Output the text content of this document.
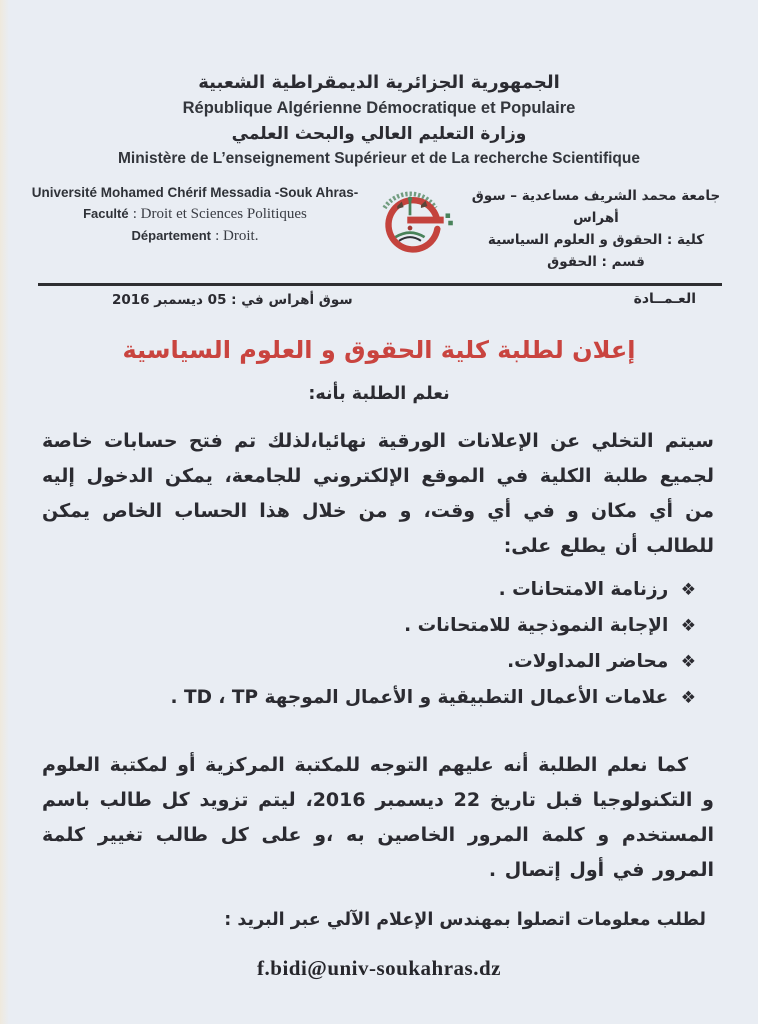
الجمهورية الجزائرية الديمقراطية الشعبية
République Algérienne Démocratique et Populaire
وزارة التعليم العالي والبحث العلمي
Ministère de L’enseignement Supérieur et de La recherche Scientifique
Université Mohamed Chérif Messadia -Souk Ahras-
Faculté : Droit et Sciences Politiques
Département : Droit.
جامعة محمد الشريف مساعدية – سوق أهراس
كلية : الحقوق و العلوم السياسية
قسم : الحقوق
العـمــادة
سوق أهراس في : 05 ديسمبر 2016
إعلان لطلبة كلية الحقوق و العلوم السياسية
نعلم الطلبة بأنه:
سيتم التخلي عن الإعلانات الورقية نهائيا،لذلك تم فتح حسابات خاصة لجميع طلبة الكلية في الموقع الإلكتروني للجامعة، يمكن الدخول إليه من أي مكان و في أي وقت، و من خلال هذا الحساب الخاص يمكن للطالب أن يطلع على:
❖ رزنامة الامتحانات .
❖ الإجابة النموذجية للامتحانات .
❖ محاضر المداولات.
❖ علامات الأعمال التطبيقية و الأعمال الموجهة TD ، TP .
كما نعلم الطلبة أنه عليهم التوجه للمكتبة المركزية أو لمكتبة العلوم و التكنولوجيا قبل تاريخ 22 ديسمبر 2016، ليتم تزويد كل طالب باسم المستخدم و كلمة المرور الخاصين به ،و على كل طالب تغيير كلمة المرور في أول إتصال .
لطلب معلومات اتصلوا بمهندس الإعلام الآلي عبر البريد :
f.bidi@univ-soukahras.dz
